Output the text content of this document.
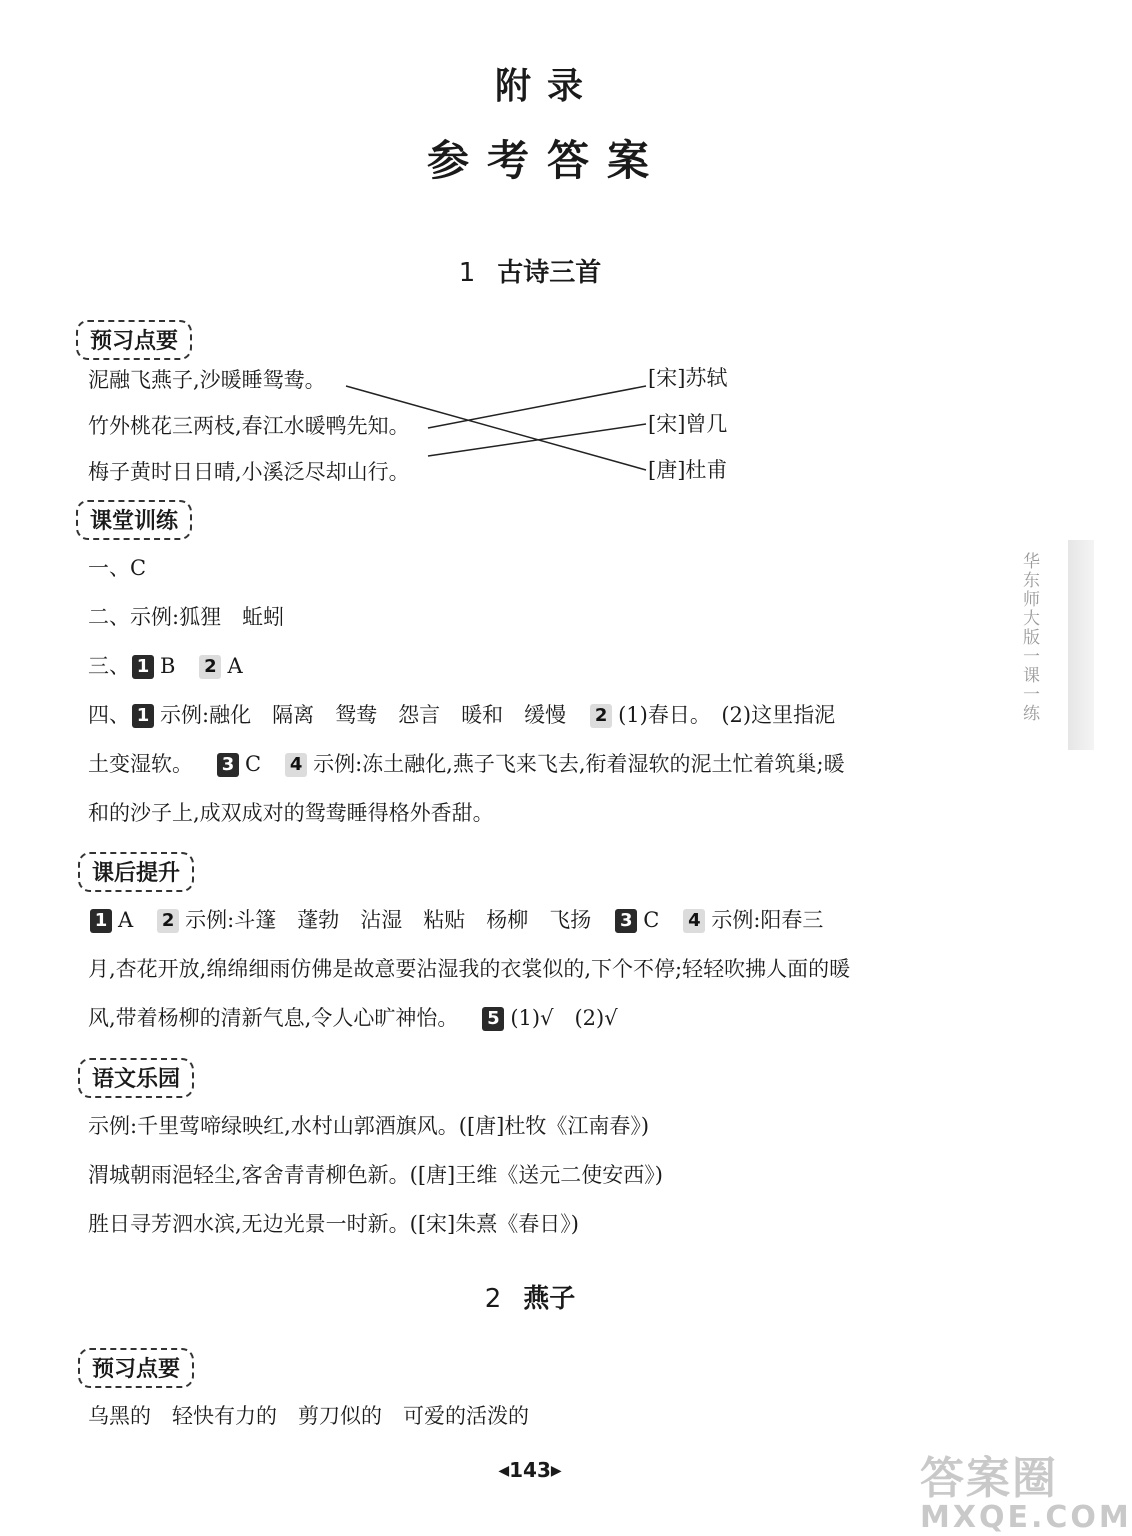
附录
参考答案
1 古诗三首
预习点要
泥融飞燕子,沙暖睡鸳鸯。
竹外桃花三两枝,春江水暖鸭先知。
梅子黄时日日晴,小溪泛尽却山行。
[宋]苏轼
[宋]曾几
[唐]杜甫
课堂训练
一、C
二、示例:狐狸　蚯蚓
三、 1 B 2 A
四、 1 示例:融化　隔离　鸳鸯　怨言　暖和　缓慢 2 (1)春日。　(2)这里指泥
土变湿软。 3 C 4 示例:冻土融化,燕子飞来飞去,衔着湿软的泥土忙着筑巢;暖
和的沙子上,成双成对的鸳鸯睡得格外香甜。
课后提升
1 A 2 示例:斗篷　蓬勃　沾湿　粘贴　杨柳　飞扬 3 C 4 示例:阳春三
月,杏花开放,绵绵细雨仿佛是故意要沾湿我的衣裳似的,下个不停;轻轻吹拂人面的暖
风,带着杨柳的清新气息,令人心旷神怡。 5 (1)√　(2)√
语文乐园
示例:千里莺啼绿映红,水村山郭酒旗风。([唐]杜牧《江南春》)
渭城朝雨浥轻尘,客舍青青柳色新。([唐]王维《送元二使安西》)
胜日寻芳泗水滨,无边光景一时新。([宋]朱熹《春日》)
2 燕子
预习点要
乌黑的　轻快有力的　剪刀似的　可爱的活泼的
华东师大版一课一练
◀143▶	答案圈
MXQE.COM
